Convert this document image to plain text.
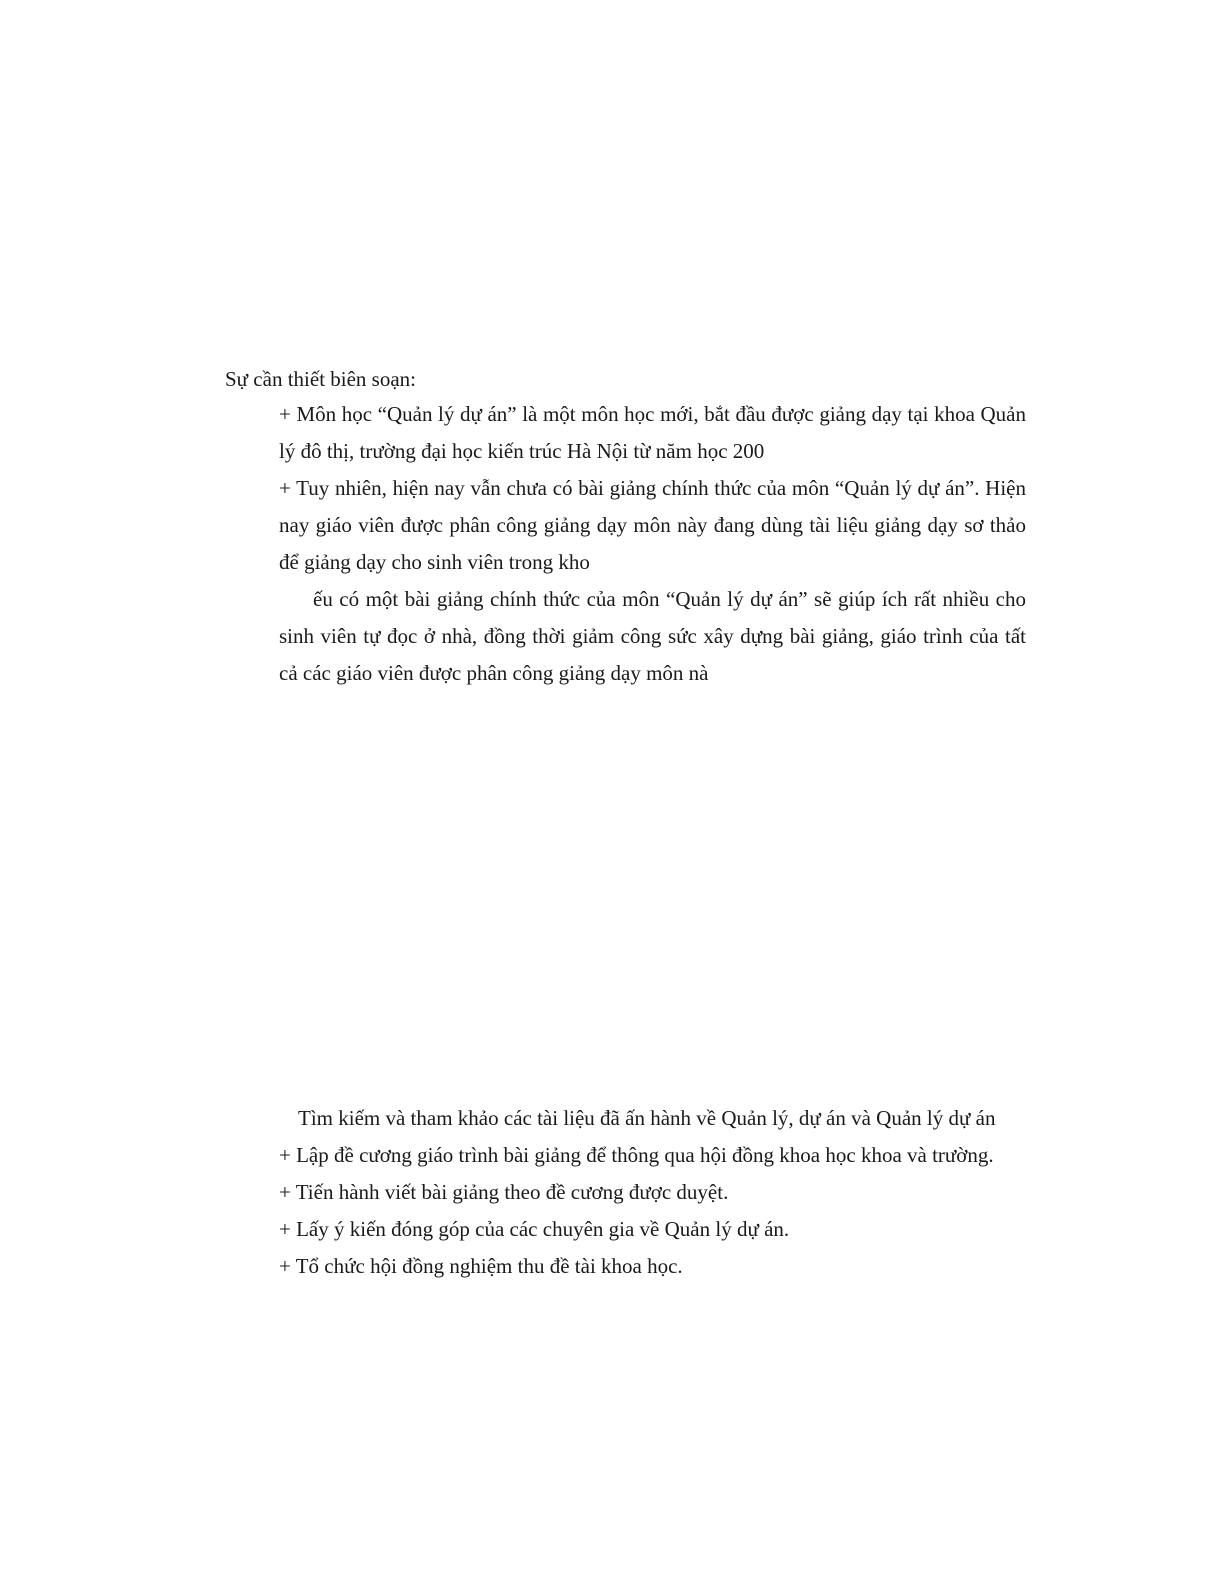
Sự cần thiết biên soạn:

+ Môn học “Quản lý dự án” là một môn học mới, bắt đầu được giảng dạy tại khoa Quản lý đô thị, trường đại học kiến trúc Hà Nội từ năm học 200

+ Tuy nhiên, hiện nay vẫn chưa có bài giảng chính thức của môn “Quản lý dự án”. Hiện nay giáo viên được phân công giảng dạy môn này đang dùng tài liệu giảng dạy sơ thảo để giảng dạy cho sinh viên trong kho

ếu có một bài giảng chính thức của môn “Quản lý dự án” sẽ giúp ích rất nhiều cho sinh viên tự đọc ở nhà, đồng thời giảm công sức xây dựng bài giảng, giáo trình của tất cả các giáo viên được phân công giảng dạy môn nà

Tìm kiếm và tham khảo các tài liệu đã ấn hành về Quản lý, dự án và Quản lý dự án

+ Lập đề cương giáo trình bài giảng để thông qua hội đồng khoa học khoa và trường.

+ Tiến hành viết bài giảng theo đề cương được duyệt.

+ Lấy ý kiến đóng góp của các chuyên gia về Quản lý dự án.

+ Tổ chức hội đồng nghiệm thu đề tài khoa học.
